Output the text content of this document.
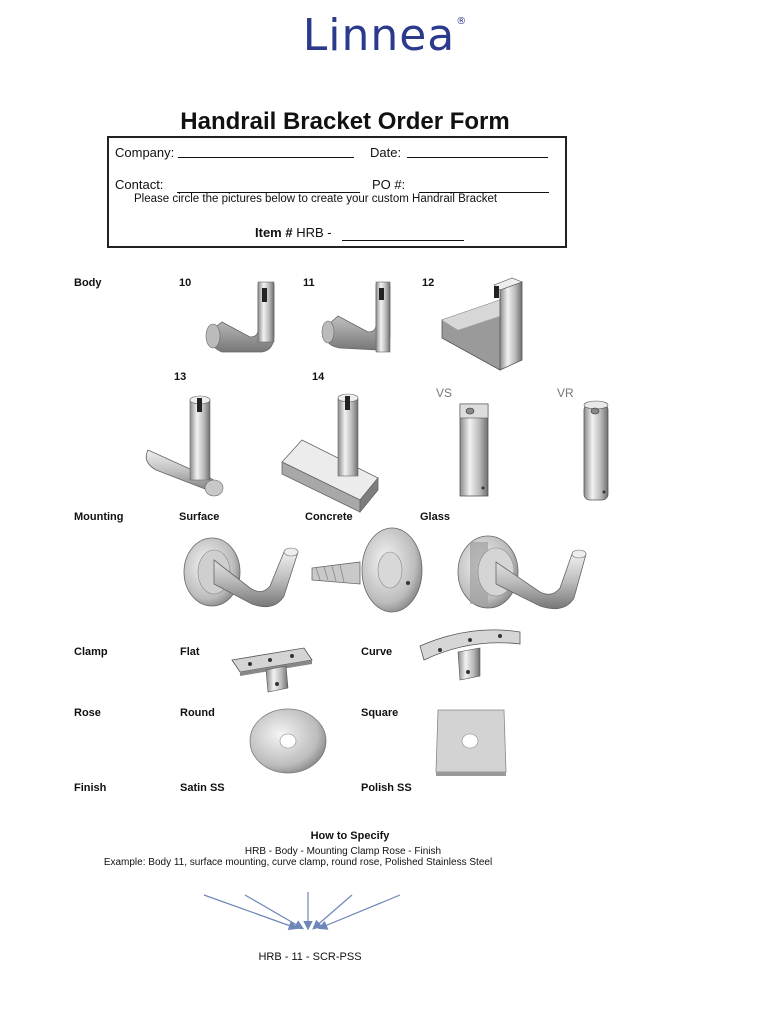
Linnea®
Handrail Bracket Order Form
Company:	Date:
Contact:	PO #:
Please circle the pictures below to create your custom Handrail Bracket
Item # HRB -
Body	10	11	12
13	14
VS	VR
Mounting	Surface	Concrete	Glass
Clamp	Flat	Curve
Rose	Round	Square
Finish	Satin SS	Polish SS
How to Specify
HRB - Body - Mounting Clamp Rose - Finish
Example: Body 11, surface mounting, curve clamp, round rose, Polished Stainless Steel
HRB - 11 - SCR-PSS
